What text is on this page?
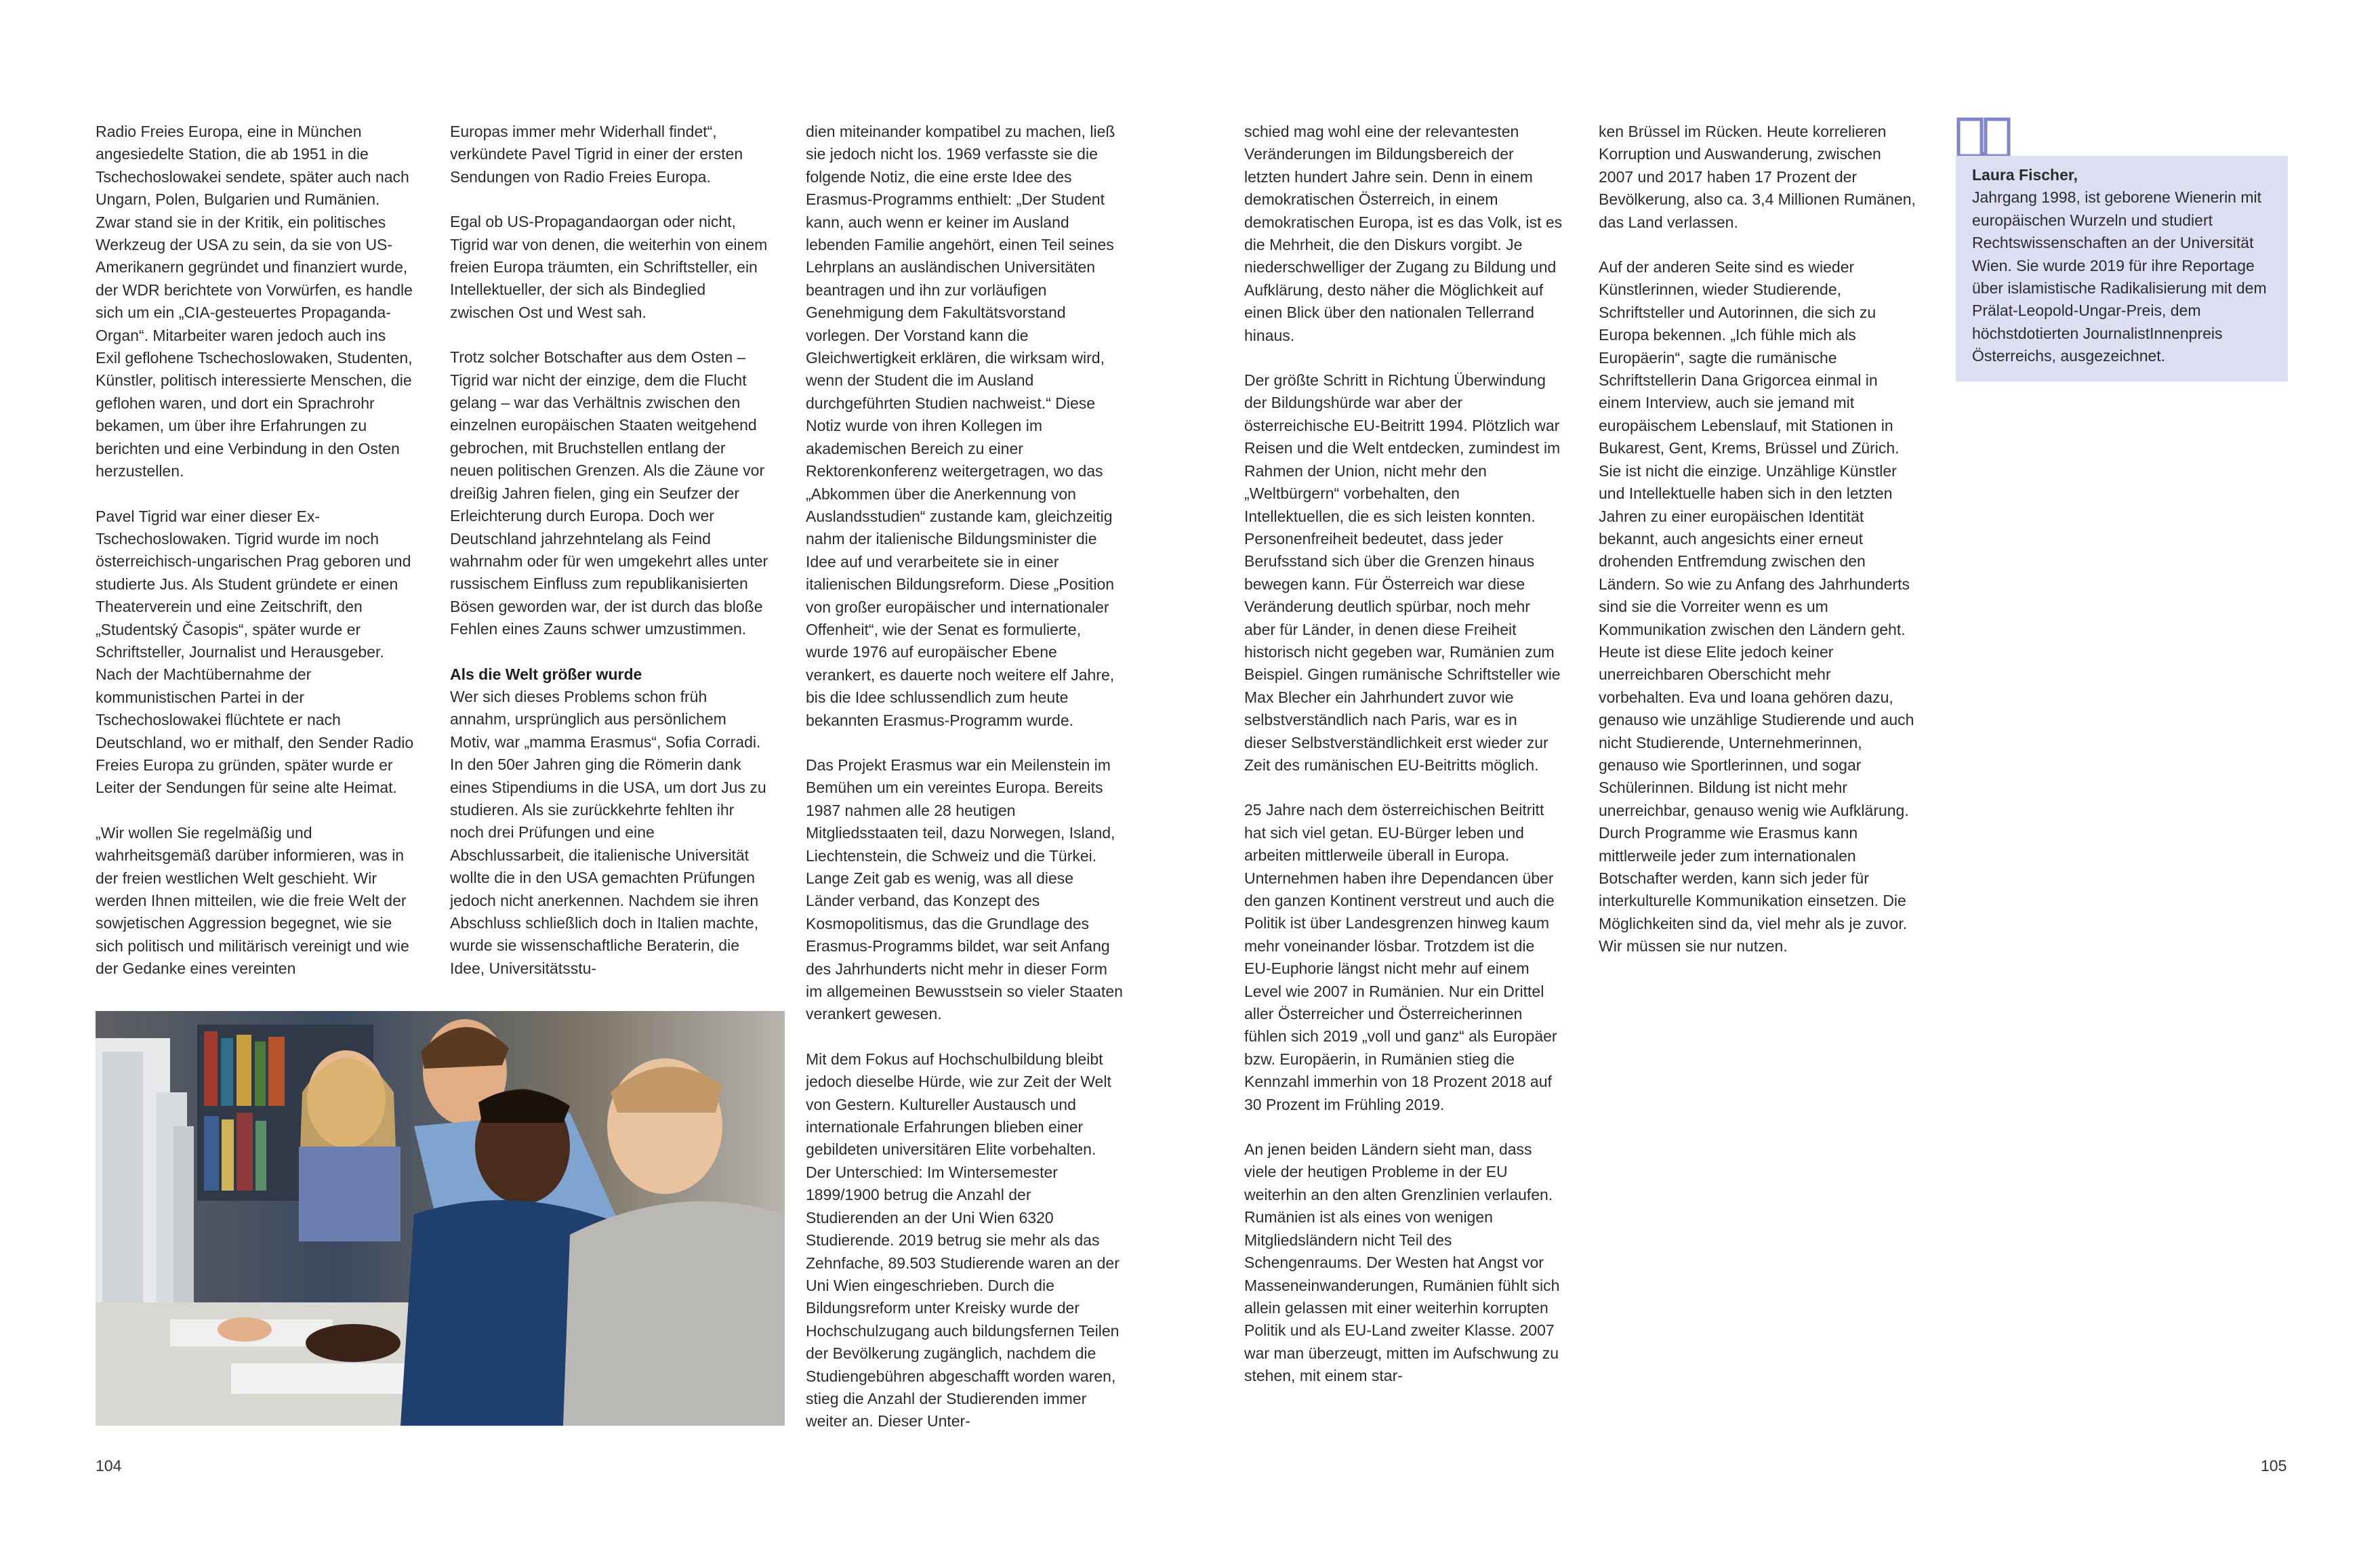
Radio Freies Europa, eine in München angesiedelte Station, die ab 1951 in die Tschechoslowakei sendete, später auch nach Ungarn, Polen, Bulgarien und Rumänien. Zwar stand sie in der Kritik, ein politisches Werkzeug der USA zu sein, da sie von US-Amerikanern gegründet und finanziert wurde, der WDR berichtete von Vorwürfen, es handle sich um ein „CIA-gesteuertes Propaganda-Organ“. Mitarbeiter waren jedoch auch ins Exil geflohene Tschechoslowaken, Studenten, Künstler, politisch interessierte Menschen, die geflohen waren, und dort ein Sprachrohr bekamen, um über ihre Erfahrungen zu berichten und eine Verbindung in den Osten herzustellen.

Pavel Tigrid war einer dieser Ex-Tschechoslowaken. Tigrid wurde im noch österreichisch-ungarischen Prag geboren und studierte Jus. Als Student gründete er einen Theaterverein und eine Zeitschrift, den „Studentský Časopis“, später wurde er Schriftsteller, Journalist und Herausgeber. Nach der Machtübernahme der kommunistischen Partei in der Tschechoslowakei flüchtete er nach Deutschland, wo er mithalf, den Sender Radio Freies Europa zu gründen, später wurde er Leiter der Sendungen für seine alte Heimat.

„Wir wollen Sie regelmäßig und wahrheitsgemäß darüber informieren, was in der freien westlichen Welt geschieht. Wir werden Ihnen mitteilen, wie die freie Welt der sowjetischen Aggression begegnet, wie sie sich politisch und militärisch vereinigt und wie der Gedanke eines vereinten

Europas immer mehr Widerhall findet“, verkündete Pavel Tigrid in einer der ersten Sendungen von Radio Freies Europa.

Egal ob US-Propagandaorgan oder nicht, Tigrid war von denen, die weiterhin von einem freien Europa träumten, ein Schriftsteller, ein Intellektueller, der sich als Bindeglied zwischen Ost und West sah.

Trotz solcher Botschafter aus dem Osten – Tigrid war nicht der einzige, dem die Flucht gelang – war das Verhältnis zwischen den einzelnen europäischen Staaten weitgehend gebrochen, mit Bruchstellen entlang der neuen politischen Grenzen. Als die Zäune vor dreißig Jahren fielen, ging ein Seufzer der Erleichterung durch Europa. Doch wer Deutschland jahrzehntelang als Feind wahrnahm oder für wen umgekehrt alles unter russischem Einfluss zum republikanisierten Bösen geworden war, der ist durch das bloße Fehlen eines Zauns schwer umzustimmen.

Als die Welt größer wurde

Wer sich dieses Problems schon früh annahm, ursprünglich aus persönlichem Motiv, war „mamma Erasmus“, Sofia Corradi. In den 50er Jahren ging die Römerin dank eines Stipendiums in die USA, um dort Jus zu studieren. Als sie zurückkehrte fehlten ihr noch drei Prüfungen und eine Abschlussarbeit, die italienische Universität wollte die in den USA gemachten Prüfungen jedoch nicht anerkennen. Nachdem sie ihren Abschluss schließlich doch in Italien machte, wurde sie wissenschaftliche Beraterin, die Idee, Universitätsstu-

dien miteinander kompatibel zu machen, ließ sie jedoch nicht los. 1969 verfasste sie die folgende Notiz, die eine erste Idee des Erasmus-Programms enthielt: „Der Student kann, auch wenn er keiner im Ausland lebenden Familie angehört, einen Teil seines Lehrplans an ausländischen Universitäten beantragen und ihn zur vorläufigen Genehmigung dem Fakultätsvorstand vorlegen. Der Vorstand kann die Gleichwertigkeit erklären, die wirksam wird, wenn der Student die im Ausland durchgeführten Studien nachweist.“ Diese Notiz wurde von ihren Kollegen im akademischen Bereich zu einer Rektorenkonferenz weitergetragen, wo das „Abkommen über die Anerkennung von Auslandsstudien“ zustande kam, gleichzeitig nahm der italienische Bildungsminister die Idee auf und verarbeitete sie in einer italienischen Bildungsreform. Diese „Position von großer europäischer und internationaler Offenheit“, wie der Senat es formulierte, wurde 1976 auf europäischer Ebene verankert, es dauerte noch weitere elf Jahre, bis die Idee schlussendlich zum heute bekannten Erasmus-Programm wurde.

Das Projekt Erasmus war ein Meilenstein im Bemühen um ein vereintes Europa. Bereits 1987 nahmen alle 28 heutigen Mitgliedsstaaten teil, dazu Norwegen, Island, Liechtenstein, die Schweiz und die Türkei. Lange Zeit gab es wenig, was all diese Länder verband, das Konzept des Kosmopolitismus, das die Grundlage des Erasmus-Programms bildet, war seit Anfang des Jahrhunderts nicht mehr in dieser Form im allgemeinen Bewusstsein so vieler Staaten verankert gewesen.

Mit dem Fokus auf Hochschulbildung bleibt jedoch dieselbe Hürde, wie zur Zeit der Welt von Gestern. Kultureller Austausch und internationale Erfahrungen blieben einer gebildeten universitären Elite vorbehalten. Der Unterschied: Im Wintersemester 1899/1900 betrug die Anzahl der Studierenden an der Uni Wien 6320 Studierende. 2019 betrug sie mehr als das Zehnfache, 89.503 Studierende waren an der Uni Wien eingeschrieben. Durch die Bildungsreform unter Kreisky wurde der Hochschulzugang auch bildungsfernen Teilen der Bevölkerung zugänglich, nachdem die Studiengebühren abgeschafft worden waren, stieg die Anzahl der Studierenden immer weiter an. Dieser Unter-

schied mag wohl eine der relevantesten Veränderungen im Bildungsbereich der letzten hundert Jahre sein. Denn in einem demokratischen Österreich, in einem demokratischen Europa, ist es das Volk, ist es die Mehrheit, die den Diskurs vorgibt. Je niederschwelliger der Zugang zu Bildung und Aufklärung, desto näher die Möglichkeit auf einen Blick über den nationalen Tellerrand hinaus.

Der größte Schritt in Richtung Überwindung der Bildungshürde war aber der österreichische EU-Beitritt 1994. Plötzlich war Reisen und die Welt entdecken, zumindest im Rahmen der Union, nicht mehr den „Weltbürgern“ vorbehalten, den Intellektuellen, die es sich leisten konnten. Personenfreiheit bedeutet, dass jeder Berufsstand sich über die Grenzen hinaus bewegen kann. Für Österreich war diese Veränderung deutlich spürbar, noch mehr aber für Länder, in denen diese Freiheit historisch nicht gegeben war, Rumänien zum Beispiel. Gingen rumänische Schriftsteller wie Max Blecher ein Jahrhundert zuvor wie selbstverständlich nach Paris, war es in dieser Selbstverständlichkeit erst wieder zur Zeit des rumänischen EU-Beitritts möglich.

25 Jahre nach dem österreichischen Beitritt hat sich viel getan. EU-Bürger leben und arbeiten mittlerweile überall in Europa. Unternehmen haben ihre Dependancen über den ganzen Kontinent verstreut und auch die Politik ist über Landesgrenzen hinweg kaum mehr voneinander lösbar. Trotzdem ist die EU-Euphorie längst nicht mehr auf einem Level wie 2007 in Rumänien. Nur ein Drittel aller Österreicher und Österreicherinnen fühlen sich 2019 „voll und ganz“ als Europäer bzw. Europäerin, in Rumänien stieg die Kennzahl immerhin von 18 Prozent 2018 auf 30 Prozent im Frühling 2019.

An jenen beiden Ländern sieht man, dass viele der heutigen Probleme in der EU weiterhin an den alten Grenzlinien verlaufen. Rumänien ist als eines von wenigen Mitgliedsländern nicht Teil des Schengenraums. Der Westen hat Angst vor Masseneinwanderungen, Rumänien fühlt sich allein gelassen mit einer weiterhin korrupten Politik und als EU-Land zweiter Klasse. 2007 war man überzeugt, mitten im Aufschwung zu stehen, mit einem star-

ken Brüssel im Rücken. Heute korrelieren Korruption und Auswanderung, zwischen 2007 und 2017 haben 17 Prozent der Bevölkerung, also ca. 3,4 Millionen Rumänen, das Land verlassen.

Auf der anderen Seite sind es wieder Künstlerinnen, wieder Studierende, Schriftsteller und Autorinnen, die sich zu Europa bekennen. „Ich fühle mich als Europäerin“, sagte die rumänische Schriftstellerin Dana Grigorcea einmal in einem Interview, auch sie jemand mit europäischem Lebenslauf, mit Stationen in Bukarest, Gent, Krems, Brüssel und Zürich. Sie ist nicht die einzige. Unzählige Künstler und Intellektuelle haben sich in den letzten Jahren zu einer europäischen Identität bekannt, auch angesichts einer erneut drohenden Entfremdung zwischen den Ländern. So wie zu Anfang des Jahrhunderts sind sie die Vorreiter wenn es um Kommunikation zwischen den Ländern geht. Heute ist diese Elite jedoch keiner unerreichbaren Oberschicht mehr vorbehalten. Eva und Ioana gehören dazu, genauso wie unzählige Studierende und auch nicht Studierende, Unternehmerinnen, genauso wie Sportlerinnen, und sogar Schülerinnen. Bildung ist nicht mehr unerreichbar, genauso wenig wie Aufklärung. Durch Programme wie Erasmus kann mittlerweile jeder zum internationalen Botschafter werden, kann sich jeder für interkulturelle Kommunikation einsetzen. Die Möglichkeiten sind da, viel mehr als je zuvor. Wir müssen sie nur nutzen.

Laura Fischer,
Jahrgang 1998, ist geborene Wienerin mit europäischen Wurzeln und studiert Rechtswissenschaften an der Universität Wien. Sie wurde 2019 für ihre Reportage über islamistische Radikalisierung mit dem Prälat-Leopold-Ungar-Preis, dem höchstdotierten JournalistInnenpreis Österreichs, ausgezeichnet.
104	105
